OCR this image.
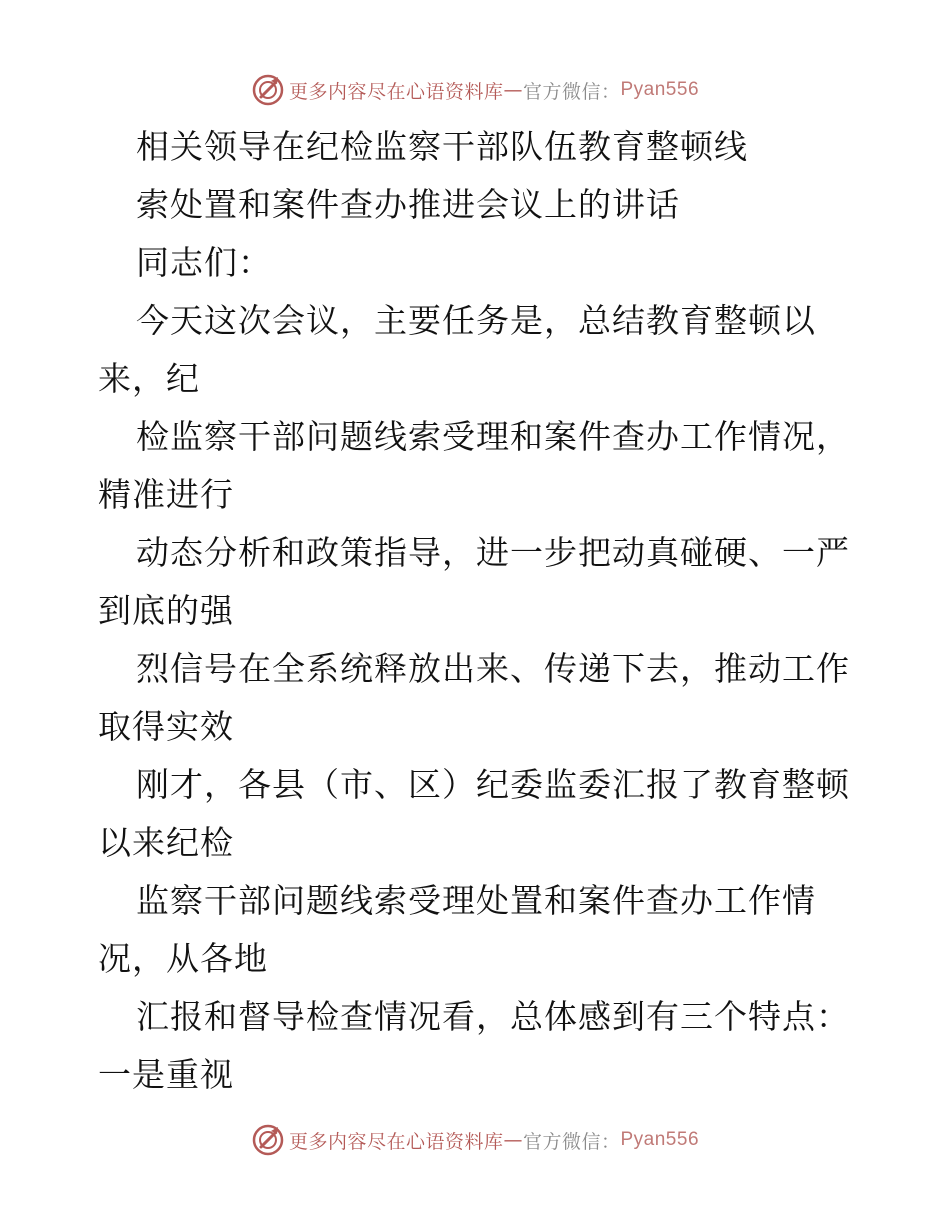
更多内容尽在心语资料库 — 官方微信： Pyan556
相关领导在纪检监察干部队伍教育整顿线
索处置和案件查办推进会议上的讲话
同志们：
今天这次会议，主要任务是，总结教育整顿以
来，纪
检监察干部问题线索受理和案件查办工作情况，
精准进行
动态分析和政策指导，进一步把动真碰硬、一严
到底的强
烈信号在全系统释放出来、传递下去，推动工作
取得实效
刚才，各县（市、区）纪委监委汇报了教育整顿
以来纪检
监察干部问题线索受理处置和案件查办工作情
况，从各地
汇报和督导检查情况看，总体感到有三个特点：
一是重视
更多内容尽在心语资料库 — 官方微信： Pyan556
